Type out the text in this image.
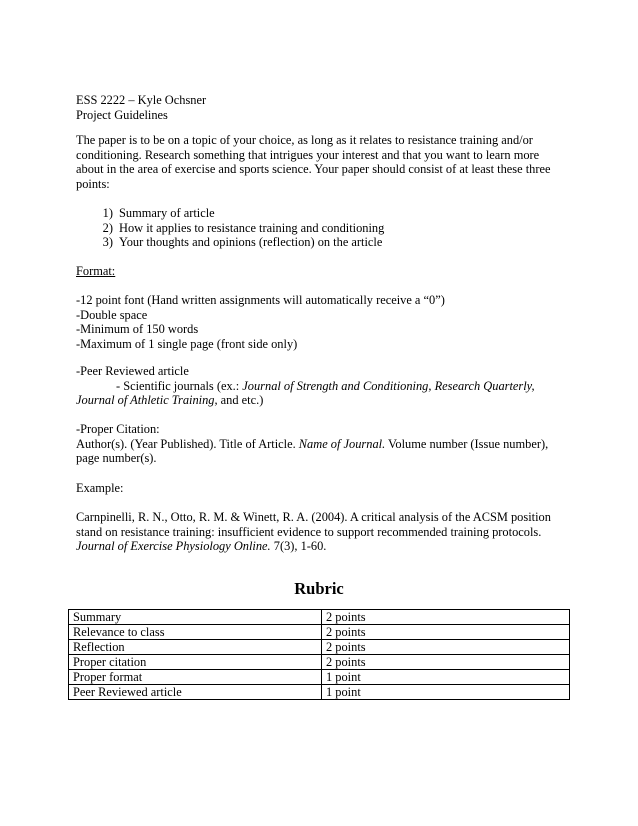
ESS 2222 – Kyle Ochsner
Project Guidelines
The paper is to be on a topic of your choice, as long as it relates to resistance training and/or
conditioning. Research something that intrigues your interest and that you want to learn more
about in the area of exercise and sports science. Your paper should consist of at least these three
points:
1) Summary of article
2) How it applies to resistance training and conditioning
3) Your thoughts and opinions (reflection) on the article
Format:
-12 point font (Hand written assignments will automatically receive a “0”)
-Double space
-Minimum of 150 words
-Maximum of 1 single page (front side only)
-Peer Reviewed article
- Scientific journals (ex.: Journal of Strength and Conditioning, Research Quarterly,
Journal of Athletic Training, and etc.)
-Proper Citation:
Author(s). (Year Published). Title of Article. Name of Journal. Volume number (Issue number),
page number(s).
Example:
Carnpinelli, R. N., Otto, R. M. & Winett, R. A. (2004). A critical analysis of the ACSM position
stand on resistance training: insufficient evidence to support recommended training protocols.
Journal of Exercise Physiology Online. 7(3), 1-60.
Rubric
Summary	2 points
Relevance to class	2 points
Reflection	2 points
Proper citation	2 points
Proper format	1 point
Peer Reviewed article	1 point
